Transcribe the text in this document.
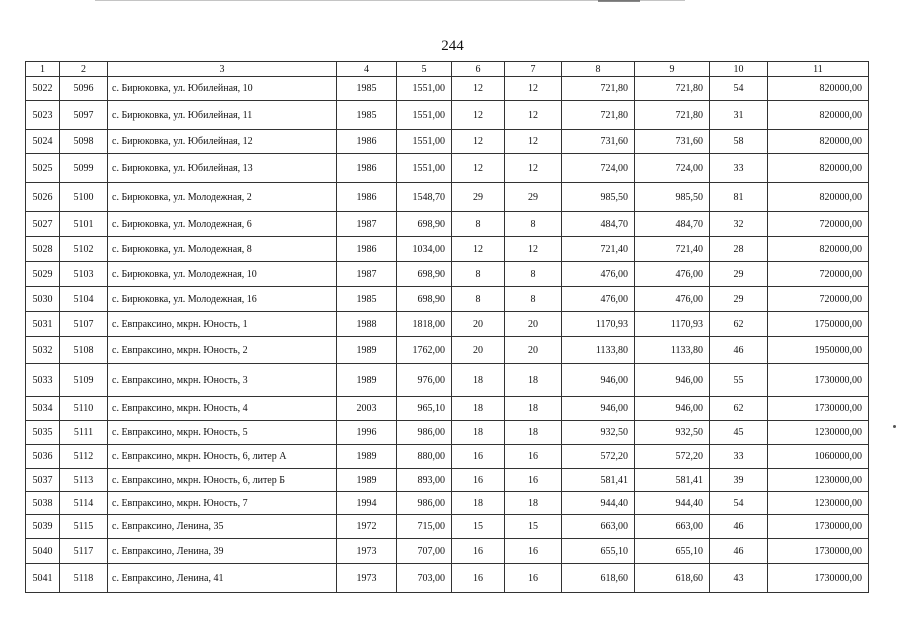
244
1	2	3	4	5	6	7	8	9	10	11
5022	5096	с. Бирюковка, ул. Юбилейная, 10	1985	1551,00	12	12	721,80	721,80	54	820000,00
5023	5097	с. Бирюковка, ул. Юбилейная, 11	1985	1551,00	12	12	721,80	721,80	31	820000,00
5024	5098	с. Бирюковка, ул. Юбилейная, 12	1986	1551,00	12	12	731,60	731,60	58	820000,00
5025	5099	с. Бирюковка, ул. Юбилейная, 13	1986	1551,00	12	12	724,00	724,00	33	820000,00
5026	5100	с. Бирюковка, ул. Молодежная, 2	1986	1548,70	29	29	985,50	985,50	81	820000,00
5027	5101	с. Бирюковка, ул. Молодежная, 6	1987	698,90	8	8	484,70	484,70	32	720000,00
5028	5102	с. Бирюковка, ул. Молодежная, 8	1986	1034,00	12	12	721,40	721,40	28	820000,00
5029	5103	с. Бирюковка, ул. Молодежная, 10	1987	698,90	8	8	476,00	476,00	29	720000,00
5030	5104	с. Бирюковка, ул. Молодежная, 16	1985	698,90	8	8	476,00	476,00	29	720000,00
5031	5107	с. Евпраксино, мкрн. Юность, 1	1988	1818,00	20	20	1170,93	1170,93	62	1750000,00
5032	5108	с. Евпраксино, мкрн. Юность, 2	1989	1762,00	20	20	1133,80	1133,80	46	1950000,00
5033	5109	с. Евпраксино, мкрн. Юность, 3	1989	976,00	18	18	946,00	946,00	55	1730000,00
5034	5110	с. Евпраксино, мкрн. Юность, 4	2003	965,10	18	18	946,00	946,00	62	1730000,00
5035	5111	с. Евпраксино, мкрн. Юность, 5	1996	986,00	18	18	932,50	932,50	45	1230000,00
5036	5112	с. Евпраксино, мкрн. Юность, 6, литер А	1989	880,00	16	16	572,20	572,20	33	1060000,00
5037	5113	с. Евпраксино, мкрн. Юность, 6, литер Б	1989	893,00	16	16	581,41	581,41	39	1230000,00
5038	5114	с. Евпраксино, мкрн. Юность, 7	1994	986,00	18	18	944,40	944,40	54	1230000,00
5039	5115	с. Евпраксино, Ленина, 35	1972	715,00	15	15	663,00	663,00	46	1730000,00
5040	5117	с. Евпраксино, Ленина, 39	1973	707,00	16	16	655,10	655,10	46	1730000,00
5041	5118	с. Евпраксино, Ленина, 41	1973	703,00	16	16	618,60	618,60	43	1730000,00
